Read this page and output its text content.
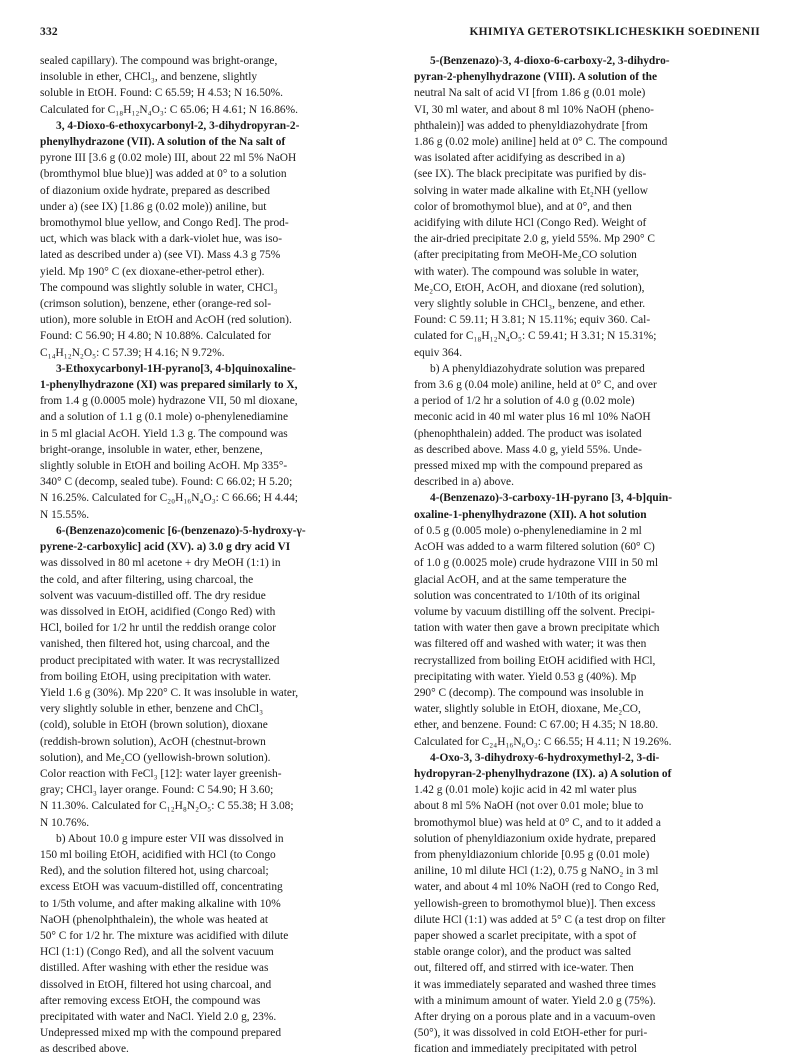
332	KHIMIYA GETEROTSIKLICHESKIKH SOEDINENII
sealed capillary). The compound was bright-orange,
insoluble in ether, CHCl₃, and benzene, slightly
soluble in EtOH. Found: C 65.59; H 4.53; N 16.50%.
Calculated for C₁₈H₁₂N₄O₃: C 65.06; H 4.61; N 16.86%.
3, 4-Dioxo-6-ethoxycarbonyl-2, 3-dihydropyran-2-
phenylhydrazone (VII). A solution of the Na salt of
pyrone III [3.6 g (0.02 mole) III, about 22 ml 5% NaOH
(bromthymol blue blue)] was added at 0° to a solution
of diazonium oxide hydrate, prepared as described
under a) (see IX) [1.86 g (0.02 mole)) aniline, but
bromothymol blue yellow, and Congo Red]. The prod-
uct, which was black with a dark-violet hue, was iso-
lated as described under a) (see VI). Mass 4.3 g 75%
yield. Mp 190° C (ex dioxane-ether-petrol ether).
The compound was slightly soluble in water, CHCl₃
(crimson solution), benzene, ether (orange-red sol-
ution), more soluble in EtOH and AcOH (red solution).
Found: C 56.90; H 4.80; N 10.88%. Calculated for
C₁₄H₁₂N₂O₅: C 57.39; H 4.16; N 9.72%.
3-Ethoxycarbonyl-1H-pyrano[3, 4-b]quinoxaline-
1-phenylhydrazone (XI) was prepared similarly to X,
from 1.4 g (0.0005 mole) hydrazone VII, 50 ml dioxane,
and a solution of 1.1 g (0.1 mole) o-phenylenediamine
in 5 ml glacial AcOH. Yield 1.3 g. The compound was
bright-orange, insoluble in water, ether, benzene,
slightly soluble in EtOH and boiling AcOH. Mp 335°-
340° C (decomp, sealed tube). Found: C 66.02; H 5.20;
N 16.25%. Calculated for C₂₀H₁₆N₄O₃: C 66.66; H 4.44;
N 15.55%.
6-(Benzenazo)comenic [6-(benzenazo)-5-hydroxy-γ-
pyrene-2-carboxylic] acid (XV). a) 3.0 g dry acid VI
was dissolved in 80 ml acetone + dry MeOH (1:1) in
the cold, and after filtering, using charcoal, the
solvent was vacuum-distilled off. The dry residue
was dissolved in EtOH, acidified (Congo Red) with
HCl, boiled for 1/2 hr until the reddish orange color
vanished, then filtered hot, using charcoal, and the
product precipitated with water. It was recrystallized
from boiling EtOH, using precipitation with water.
Yield 1.6 g (30%). Mp 220° C. It was insoluble in water,
very slightly soluble in ether, benzene and ChCl₃
(cold), soluble in EtOH (brown solution), dioxane
(reddish-brown solution), AcOH (chestnut-brown
solution), and Me₂CO (yellowish-brown solution).
Color reaction with FeCl₃ [12]: water layer greenish-
gray; CHCl₃ layer orange. Found: C 54.90; H 3.60;
N 11.30%. Calculated for C₁₂H₈N₂O₅: C 55.38; H 3.08;
N 10.76%.
b) About 10.0 g impure ester VII was dissolved in
150 ml boiling EtOH, acidified with HCl (to Congo
Red), and the solution filtered hot, using charcoal;
excess EtOH was vacuum-distilled off, concentrating
to 1/5th volume, and after making alkaline with 10%
NaOH (phenolphthalein), the whole was heated at
50° C for 1/2 hr. The mixture was acidified with dilute
HCl (1:1) (Congo Red), and all the solvent vacuum
distilled. After washing with ether the residue was
dissolved in EtOH, filtered hot using charcoal, and
after removing excess EtOH, the compound was
precipitated with water and NaCl. Yield 2.0 g, 23%.
Undepressed mixed mp with the compound prepared
as described above.
5-(Benzenazo)-3, 4-dioxo-6-carboxy-2, 3-dihydro-
pyran-2-phenylhydrazone (VIII). A solution of the
neutral Na salt of acid VI [from 1.86 g (0.01 mole)
VI, 30 ml water, and about 8 ml 10% NaOH (pheno-
phthalein)] was added to phenyldiazohydrate [from
1.86 g (0.02 mole) aniline] held at 0° C. The compound
was isolated after acidifying as described in a)
(see IX). The black precipitate was purified by dis-
solving in water made alkaline with Et₂NH (yellow
color of bromothymol blue), and at 0°, and then
acidifying with dilute HCl (Congo Red). Weight of
the air-dried precipitate 2.0 g, yield 55%. Mp 290° C
(after precipitating from MeOH-Me₂CO solution
with water). The compound was soluble in water,
Me₂CO, EtOH, AcOH, and dioxane (red solution),
very slightly soluble in CHCl₃, benzene, and ether.
Found: C 59.11; H 3.81; N 15.11%; equiv 360. Cal-
culated for C₁₈H₁₂N₄O₅: C 59.41; H 3.31; N 15.31%;
equiv 364.
b) A phenyldiazohydrate solution was prepared
from 3.6 g (0.04 mole) aniline, held at 0° C, and over
a period of 1/2 hr a solution of 4.0 g (0.02 mole)
meconic acid in 40 ml water plus 16 ml 10% NaOH
(phenophthalein) added. The product was isolated
as described above. Mass 4.0 g, yield 55%. Unde-
pressed mixed mp with the compound prepared as
described in a) above.
4-(Benzenazo)-3-carboxy-1H-pyrano [3, 4-b]quin-
oxaline-1-phenylhydrazone (XII). A hot solution
of 0.5 g (0.005 mole) o-phenylenediamine in 2 ml
AcOH was added to a warm filtered solution (60° C)
of 1.0 g (0.0025 mole) crude hydrazone VIII in 50 ml
glacial AcOH, and at the same temperature the
solution was concentrated to 1/10th of its original
volume by vacuum distilling off the solvent. Precipi-
tation with water then gave a brown precipitate which
was filtered off and washed with water; it was then
recrystallized from boiling EtOH acidified with HCl,
precipitating with water. Yield 0.53 g (40%). Mp
290° C (decomp). The compound was insoluble in
water, slightly soluble in EtOH, dioxane, Me₂CO,
ether, and benzene. Found: C 67.00; H 4.35; N 18.80.
Calculated for C₂₄H₁₆N₆O₃: C 66.55; H 4.11; N 19.26%.
4-Oxo-3, 3-dihydroxy-6-hydroxymethyl-2, 3-di-
hydropyran-2-phenylhydrazone (IX). a) A solution of
1.42 g (0.01 mole) kojic acid in 42 ml water plus
about 8 ml 5% NaOH (not over 0.01 mole; blue to
bromothymol blue) was held at 0° C, and to it added a
solution of phenyldiazonium oxide hydrate, prepared
from phenyldiazonium chloride [0.95 g (0.01 mole)
aniline, 10 ml dilute HCl (1:2), 0.75 g NaNO₂ in 3 ml
water, and about 4 ml 10% NaOH (red to Congo Red,
yellowish-green to bromothymol blue)]. Then excess
dilute HCl (1:1) was added at 5° C (a test drop on filter
paper showed a scarlet precipitate, with a spot of
stable orange color), and the product was salted
out, filtered off, and stirred with ice-water. Then
it was immediately separated and washed three times
with a minimum amount of water. Yield 2.0 g (75%).
After drying on a porous plate and in a vacuum-oven
(50°), it was dissolved in cold EtOH-ether for puri-
fication and immediately precipitated with petrol
